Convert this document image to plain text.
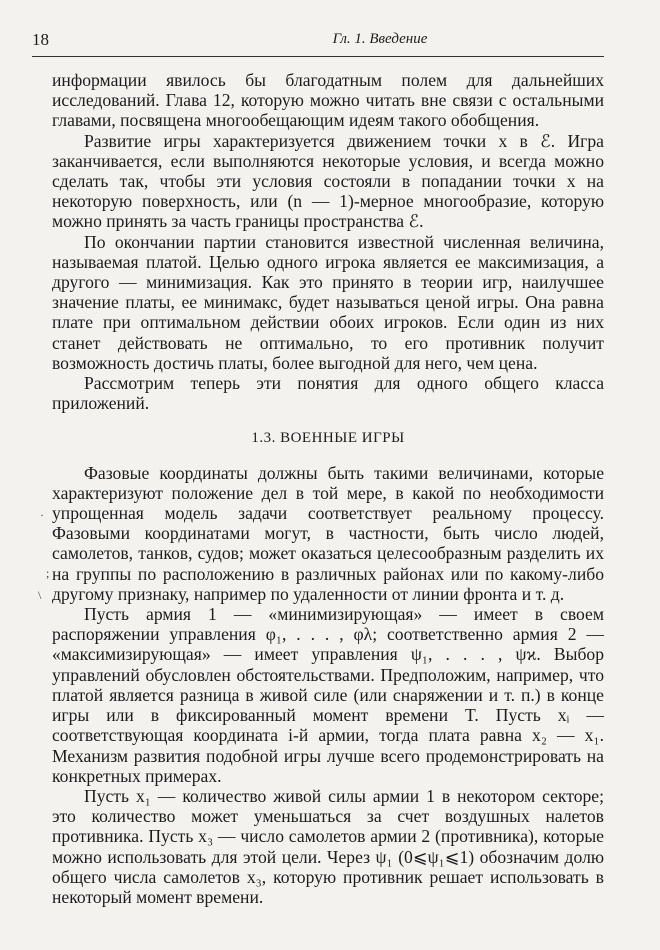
18	Гл. 1. Введение

информации явилось бы благодатным полем для дальнейших исследований. Глава 12, которую можно читать вне связи с остальными главами, посвящена многообещающим идеям такого обобщения.

Развитие игры характеризуется движением точки x в ℰ. Игра заканчивается, если выполняются некоторые условия, и всегда можно сделать так, чтобы эти условия состояли в попадании точки x на некоторую поверхность, или (n — 1)-мерное многообразие, которую можно принять за часть границы пространства ℰ.

По окончании партии становится известной численная величина, называемая платой. Целью одного игрока является ее максимизация, а другого — минимизация. Как это принято в теории игр, наилучшее значение платы, ее минимакс, будет называться ценой игры. Она равна плате при оптимальном действии обоих игроков. Если один из них станет действовать не оптимально, то его противник получит возможность достичь платы, более выгодной для него, чем цена.

Рассмотрим теперь эти понятия для одного общего класса приложений.

1.3. ВОЕННЫЕ ИГРЫ

Фазовые координаты должны быть такими величинами, которые характеризуют положение дел в той мере, в какой по необходимости упрощенная модель задачи соответствует реальному процессу. Фазовыми координатами могут, в частности, быть число людей, самолетов, танков, судов; может оказаться целесообразным разделить их на группы по расположению в различных районах или по какому-либо другому признаку, например по удаленности от линии фронта и т. д.

Пусть армия 1 — «минимизирующая» — имеет в своем распоряжении управления φ₁, . . . , φλ; соответственно армия 2 — «максимизирующая» — имеет управления ψ₁, . . . , ψϰ. Выбор управлений обусловлен обстоятельствами. Предположим, например, что платой является разница в живой силе (или снаряжении и т. п.) в конце игры или в фиксированный момент времени T. Пусть xᵢ — соответствующая координата i-й армии, тогда плата равна x₂ — x₁. Механизм развития подобной игры лучше всего продемонстрировать на конкретных примерах.

Пусть x₁ — количество живой силы армии 1 в некотором секторе; это количество может уменьшаться за счет воздушных налетов противника. Пусть x₃ — число самолетов армии 2 (противника), которые можно использовать для этой цели. Через ψ₁ (0⩽ψ₁⩽1) обозначим долю общего числа самолетов x₃, которую противник решает использовать в некоторый момент времени.

·
;
\
